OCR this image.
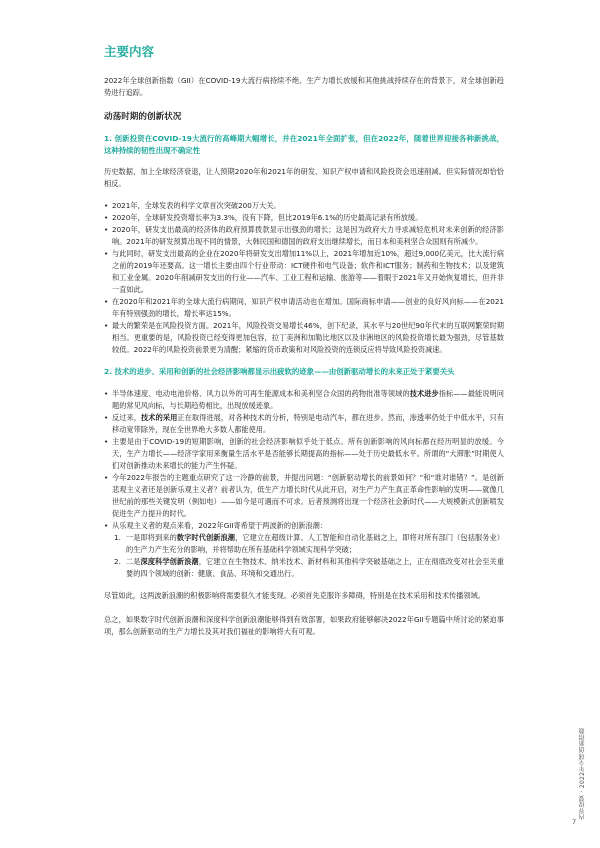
主要内容

2022年全球创新指数（GII）在COVID-19大流行病持续不绝、生产力增长放缓和其他挑战持续存在的背景下，对全球创新趋势进行追踪。

动荡时期的创新状况
1. 创新投资在COVID-19大流行的高峰期大幅增长，并在2021年全面扩张，但在2022年，随着世界迎接各种新挑战，这种持续的韧性出现不确定性

历史数据，加上全球经济衰退，让人预期2020年和2021年的研发、知识产权申请和风险投资会迅速削减。但实际情况却恰恰相反。

• 2021年，全球发表的科学文章首次突破200万大关。
• 2020年，全球研发投资增长率为3.3%，没有下降，但比2019年6.1%的历史最高记录有所放缓。
• 2020年，研发支出最高的经济体的政府预算拨款显示出强劲的增长；这是因为政府大力寻求减轻危机对未来创新的经济影响。2021年的研发预算出现不同的情景，大韩民国和德国的政府支出继续增长，而日本和美利坚合众国则有所减少。
• 与此同时，研发支出最高的企业在2020年将研发支出增加11%以上，2021年增加近10%，超过9,000亿美元，比大流行病之前的2019年还要高。这一增长主要由四个行业带动：ICT硬件和电气设备；软件和ICT服务；制药和生物技术；以及建筑和工业金属。2020年削减研发支出的行业——汽车、工业工程和运输、旅游等——着眼于2021年又开始恢复增长，但并非一直如此。
• 在2020年和2021年的全球大流行病期间，知识产权申请活动也在增加。国际商标申请——创业的良好风向标——在2021年有特别强劲的增长，增长率达15%。
• 最大的繁荣是在风险投资方面。2021年，风险投资交易增长46%，创下纪录，其水平与20世纪90年代末的互联网繁荣时期相当。更重要的是，风险投资已经变得更加包容，拉丁美洲和加勒比地区以及非洲地区的风险投资增长最为强劲，尽管基数较低。2022年的风险投资前景更为清醒；紧缩的货币政策和对风险投资的连锁反应将导致风险投资减速。
2. 技术的进步、采用和创新的社会经济影响都显示出疲软的迹象——由创新驱动增长的未来正处于紧要关头
• 半导体速度、电动电池价格、风力以外的可再生能源成本和美利坚合众国的药物批准等领域的技术进步指标——最能说明问题的常见风向标，与长期趋势相比，出现放缓迹象。
• 反过来，技术的采用正在取得进展，对各种技术的分析，特别是电动汽车，都在进步。然而，渗透率仍处于中低水平，只有移动宽带除外，现在全世界绝大多数人都能使用。
• 主要是由于COVID-19的短期影响，创新的社会经济影响似乎处于低点。所有创新影响的风向标都在经历明显的放缓。今天，生产力增长——经济学家用来衡量生活水平是否能够长期提高的指标——处于历史最低水平。所谓的“大滞胀”时期使人们对创新推动未来增长的能力产生怀疑。
• 今年2022年报告的主题重点研究了这一冷静的前景，并提出问题：“创新驱动增长的前景如何？”和“谁对谁错？”。是创新悲观主义者还是创新乐观主义者？前者认为，低生产力增长时代从此开启，对生产力产生真正革命性影响的发明——就像几世纪前的那些关键发明（例如电）——如今是可遇而不可求。后者预测将出现一个经济社会新时代——大规模新式创新喷发促进生产力提升的时代。
• 从乐观主义者的观点来看，2022年GII寄希望于两波新的创新浪潮：
1. 一是即将到来的数字时代创新浪潮，它建立在超级计算、人工智能和自动化基础之上，即将对所有部门（包括服务业）的生产力产生充分的影响，并将帮助在所有基础科学领域实现科学突破；
2. 二是深度科学创新浪潮，它建立在生物技术、纳米技术、新材料和其他科学突破基础之上，正在彻底改变对社会至关重要的四个领域的创新：健康、食品、环境和交通出行。

尽管如此，这两波新浪潮的积极影响将需要很久才能变现。必须首先克服许多障碍，特别是在技术采用和技术传播领域。

总之，如果数字时代创新浪潮和深度科学创新浪潮能够得到有效部署，如果政府能够解决2022年GII专题篇中所讨论的紧迫事项，那么创新驱动的生产力增长及其对我们福祉的影响将大有可观。

内容提要 · 2022年全球创新指数
7
